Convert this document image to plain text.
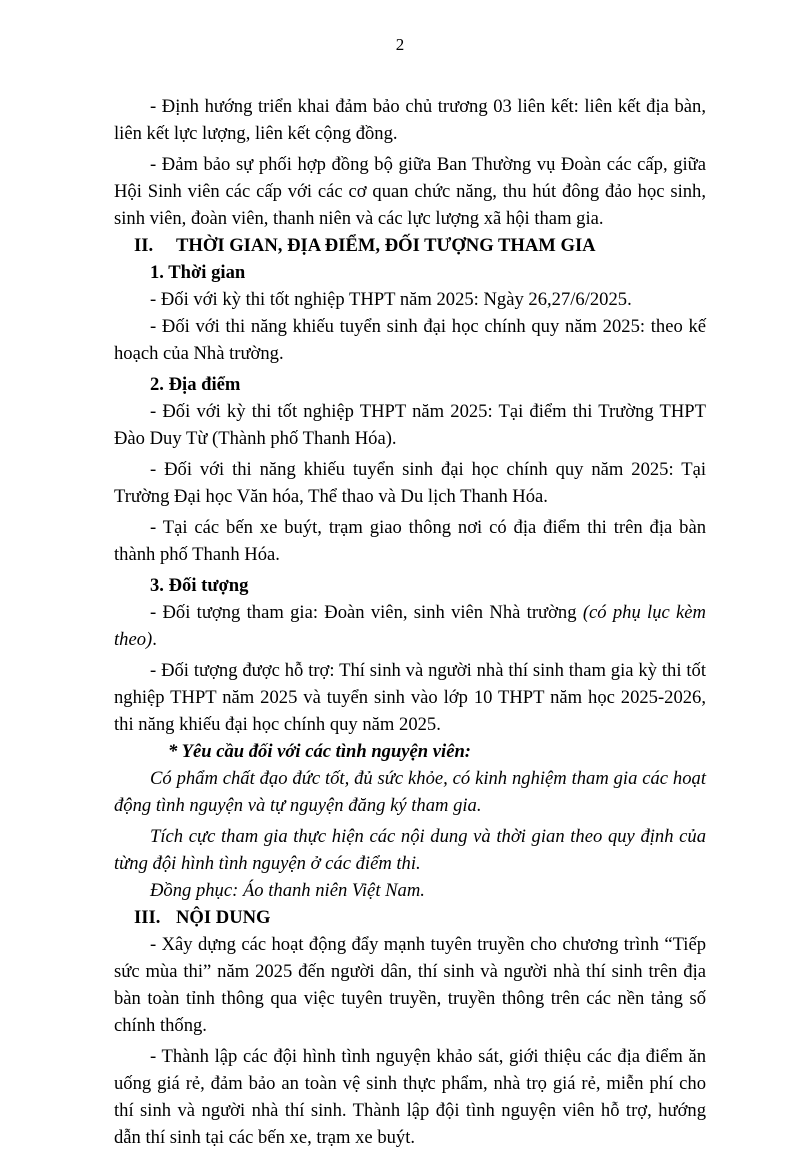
2

- Định hướng triển khai đảm bảo chủ trương 03 liên kết: liên kết địa bàn, liên kết lực lượng, liên kết cộng đồng.

- Đảm bảo sự phối hợp đồng bộ giữa Ban Thường vụ Đoàn các cấp, giữa Hội Sinh viên các cấp với các cơ quan chức năng, thu hút đông đảo học sinh, sinh viên, đoàn viên, thanh niên và các lực lượng xã hội tham gia.

II.	THỜI GIAN, ĐỊA ĐIỂM, ĐỐI TƯỢNG THAM GIA
1. Thời gian

- Đối với kỳ thi tốt nghiệp THPT năm 2025: Ngày 26,27/6/2025.

- Đối với thi năng khiếu tuyển sinh đại học chính quy năm 2025: theo kế hoạch của Nhà trường.

2. Địa điểm

- Đối với kỳ thi tốt nghiệp THPT năm 2025: Tại điểm thi Trường THPT Đào Duy Từ (Thành phố Thanh Hóa).

- Đối với thi năng khiếu tuyển sinh đại học chính quy năm 2025: Tại Trường Đại học Văn hóa, Thể thao và Du lịch Thanh Hóa.

- Tại các bến xe buýt, trạm giao thông nơi có địa điểm thi trên địa bàn thành phố Thanh Hóa.

3. Đối tượng

- Đối tượng tham gia: Đoàn viên, sinh viên Nhà trường (có phụ lục kèm theo).

- Đối tượng được hỗ trợ: Thí sinh và người nhà thí sinh tham gia kỳ thi tốt nghiệp THPT năm 2025 và tuyển sinh vào lớp 10 THPT năm học 2025-2026, thi năng khiếu đại học chính quy năm 2025.

* Yêu cầu đối với các tình nguyện viên:

Có phẩm chất đạo đức tốt, đủ sức khỏe, có kinh nghiệm tham gia các hoạt động tình nguyện và tự nguyện đăng ký tham gia.

Tích cực tham gia thực hiện các nội dung và thời gian theo quy định của từng đội hình tình nguyện ở các điểm thi.

Đồng phục: Áo thanh niên Việt Nam.

III. NỘI DUNG

- Xây dựng các hoạt động đẩy mạnh tuyên truyền cho chương trình “Tiếp sức mùa thi” năm 2025 đến người dân, thí sinh và người nhà thí sinh trên địa bàn toàn tỉnh thông qua việc tuyên truyền, truyền thông trên các nền tảng số chính thống.

- Thành lập các đội hình tình nguyện khảo sát, giới thiệu các địa điểm ăn uống giá rẻ, đảm bảo an toàn vệ sinh thực phẩm, nhà trọ giá rẻ, miễn phí cho thí sinh và người nhà thí sinh. Thành lập đội tình nguyện viên hỗ trợ, hướng dẫn thí sinh tại các bến xe, trạm xe buýt.
